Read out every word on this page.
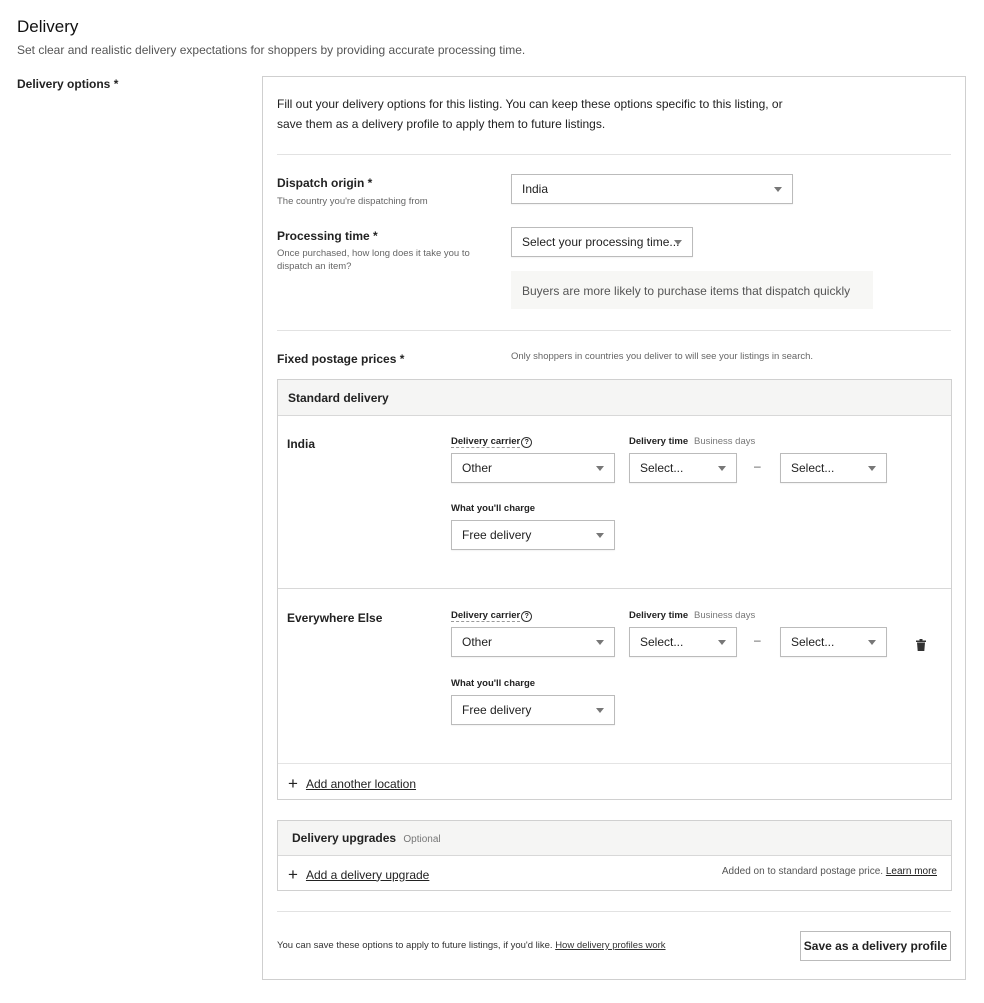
Delivery
Set clear and realistic delivery expectations for shoppers by providing accurate processing time.
Delivery options *
Fill out your delivery options for this listing. You can keep these options specific to this listing, or save them as a delivery profile to apply them to future listings.
Dispatch origin *
The country you're dispatching from
India
Processing time *
Once purchased, how long does it take you to dispatch an item?
Select your processing time...
Buyers are more likely to purchase items that dispatch quickly
Fixed postage prices *	Only shoppers in countries you deliver to will see your listings in search.
Standard delivery
India	Delivery carrier ?
Other
Delivery time Business days
Select...	–	Select...
What you'll charge
Free delivery
Everywhere Else	Delivery carrier ?
Other
Delivery time Business days
Select...	–	Select...
What you'll charge
Free delivery
+ Add another location
Delivery upgrades Optional
+ Add a delivery upgrade	Added on to standard postage price. Learn more
You can save these options to apply to future listings, if you'd like. How delivery profiles work	Save as a delivery profile
